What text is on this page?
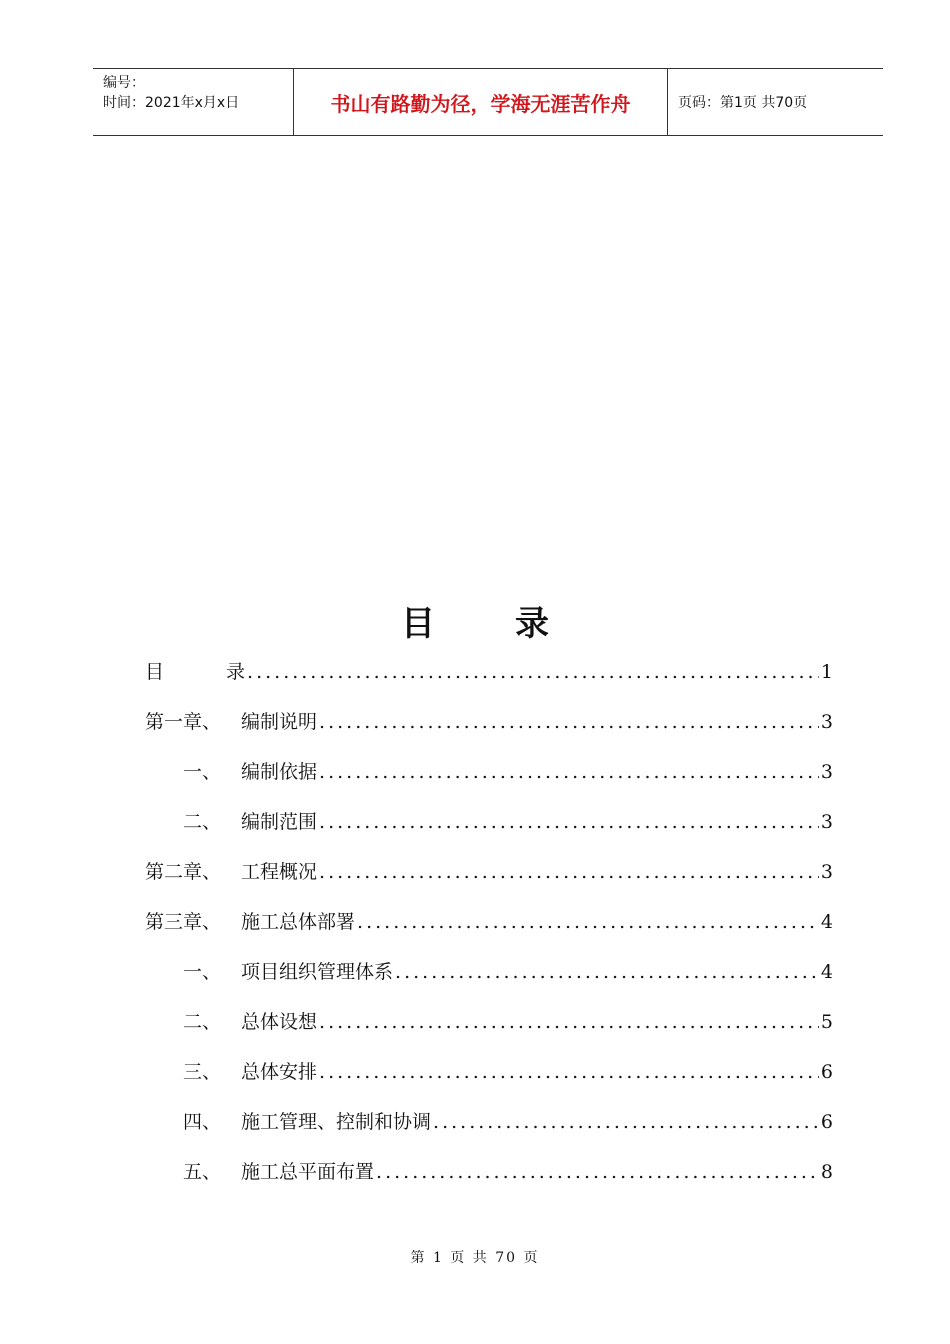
编号：
时间：2021年x月x日	书山有路勤为径，学海无涯苦作舟	页码：第1页 共70页
目录
目	录 .....	1
第一章、 编制说明 .....	3
一、 编制依据 .....	3
二、 编制范围 .....	3
第二章、 工程概况 .....	3
第三章、 施工总体部署 .....	4
一、 项目组织管理体系 .....	4
二、 总体设想 .....	5
三、 总体安排 .....	6
四、 施工管理、控制和协调 .....	6
五、 施工总平面布置 .....	8
第 1 页 共 70 页
